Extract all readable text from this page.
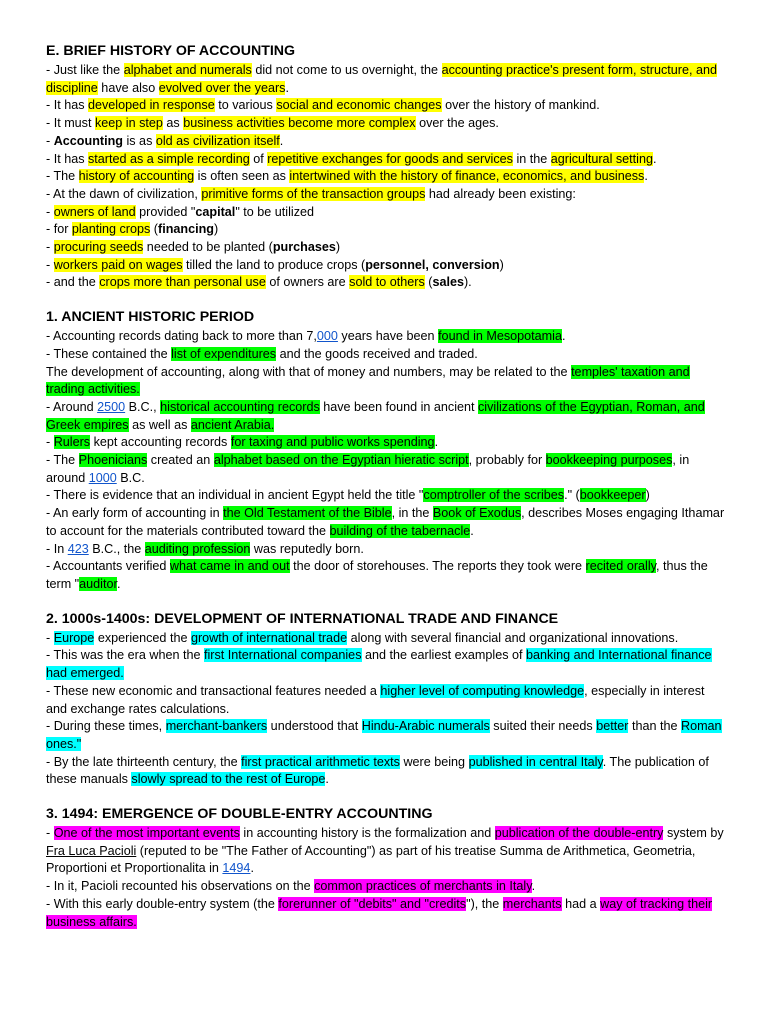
E. BRIEF HISTORY OF ACCOUNTING
- Just like the alphabet and numerals did not come to us overnight, the accounting practice's present form, structure, and discipline have also evolved over the years.
- It has developed in response to various social and economic changes over the history of mankind.
- It must keep in step as business activities become more complex over the ages.
- Accounting is as old as civilization itself.
- It has started as a simple recording of repetitive exchanges for goods and services in the agricultural setting.
- The history of accounting is often seen as intertwined with the history of finance, economics, and business.
- At the dawn of civilization, primitive forms of the transaction groups had already been existing:
- owners of land provided "capital" to be utilized
- for planting crops (financing)
- procuring seeds needed to be planted (purchases)
- workers paid on wages tilled the land to produce crops (personnel, conversion)
- and the crops more than personal use of owners are sold to others (sales).
1. ANCIENT HISTORIC PERIOD
- Accounting records dating back to more than 7,000 years have been found in Mesopotamia.
- These contained the list of expenditures and the goods received and traded.
The development of accounting, along with that of money and numbers, may be related to the temples' taxation and trading activities.
- Around 2500 B.C., historical accounting records have been found in ancient civilizations of the Egyptian, Roman, and Greek empires as well as ancient Arabia.
- Rulers kept accounting records for taxing and public works spending.
- The Phoenicians created an alphabet based on the Egyptian hieratic script, probably for bookkeeping purposes, in around 1000 B.C.
- There is evidence that an individual in ancient Egypt held the title "comptroller of the scribes." (bookkeeper)
- An early form of accounting in the Old Testament of the Bible, in the Book of Exodus, describes Moses engaging Ithamar to account for the materials contributed toward the building of the tabernacle.
- In 423 B.C., the auditing profession was reputedly born.
- Accountants verified what came in and out the door of storehouses. The reports they took were recited orally, thus the term "auditor.
2. 1000s-1400s: DEVELOPMENT OF INTERNATIONAL TRADE AND FINANCE
- Europe experienced the growth of international trade along with several financial and organizational innovations.
- This was the era when the first International companies and the earliest examples of banking and International finance had emerged.
- These new economic and transactional features needed a higher level of computing knowledge, especially in interest and exchange rates calculations.
- During these times, merchant-bankers understood that Hindu-Arabic numerals suited their needs better than the Roman ones."
- By the late thirteenth century, the first practical arithmetic texts were being published in central Italy. The publication of these manuals slowly spread to the rest of Europe.
3. 1494: EMERGENCE OF DOUBLE-ENTRY ACCOUNTING
- One of the most important events in accounting history is the formalization and publication of the double-entry system by Fra Luca Pacioli (reputed to be "The Father of Accounting") as part of his treatise Summa de Arithmetica, Geometria, Proportioni et Proportionalita in 1494.
- In it, Pacioli recounted his observations on the common practices of merchants in Italy.
- With this early double-entry system (the forerunner of "debits" and "credits"), the merchants had a way of tracking their business affairs.
